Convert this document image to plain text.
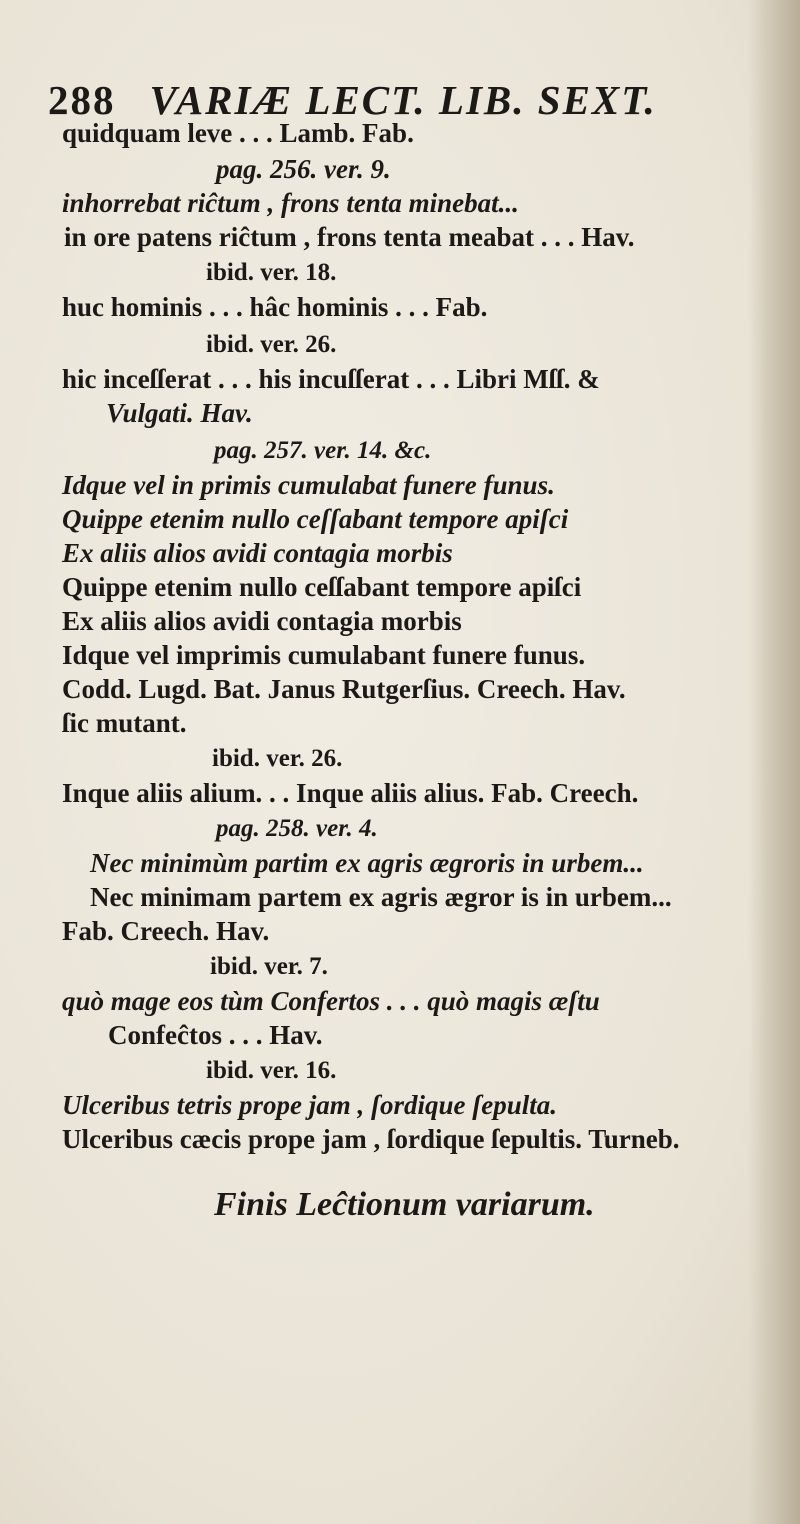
288 VARIÆ LECT. LIB. SEXT.
quidquam leve . . . Lamb. Fab.
pag. 256. ver. 9.
inhorrebat riĉtum , frons tenta minebat...
in ore patens riĉtum , frons tenta meabat . . . Hav.
ibid. ver. 18.
huc hominis . . . hâc hominis . . . Fab.
ibid. ver. 26.
hic inceſſerat . . . his incuſſerat . . . Libri Mſſ. &
Vulgati. Hav.
pag. 257. ver. 14. &c.
Idque vel in primis cumulabat funere funus.
Quippe etenim nullo ceſſabant tempore apiſci
Ex aliis alios avidi contagia morbis
Quippe etenim nullo ceſſabant tempore apiſci
Ex aliis alios avidi contagia morbis
Idque vel imprimis cumulabant funere funus.
Codd. Lugd. Bat. Janus Rutgerſius. Creech. Hav.
ſic mutant.
ibid. ver. 26.
Inque aliis alium. . . Inque aliis alius. Fab. Creech.
pag. 258. ver. 4.
Nec minimùm partim ex agris ægroris in urbem...
Nec minimam partem ex agris ægror is in urbem...
Fab. Creech. Hav.
ibid. ver. 7.
quò mage eos tùm Confertos . . . quò magis æſtu
Confeĉtos . . . Hav.
ibid. ver. 16.
Ulceribus tetris prope jam , ſordique ſepulta.
Ulceribus cæcis prope jam , ſordique ſepultis. Turneb.
Finis Leĉtionum variarum.
